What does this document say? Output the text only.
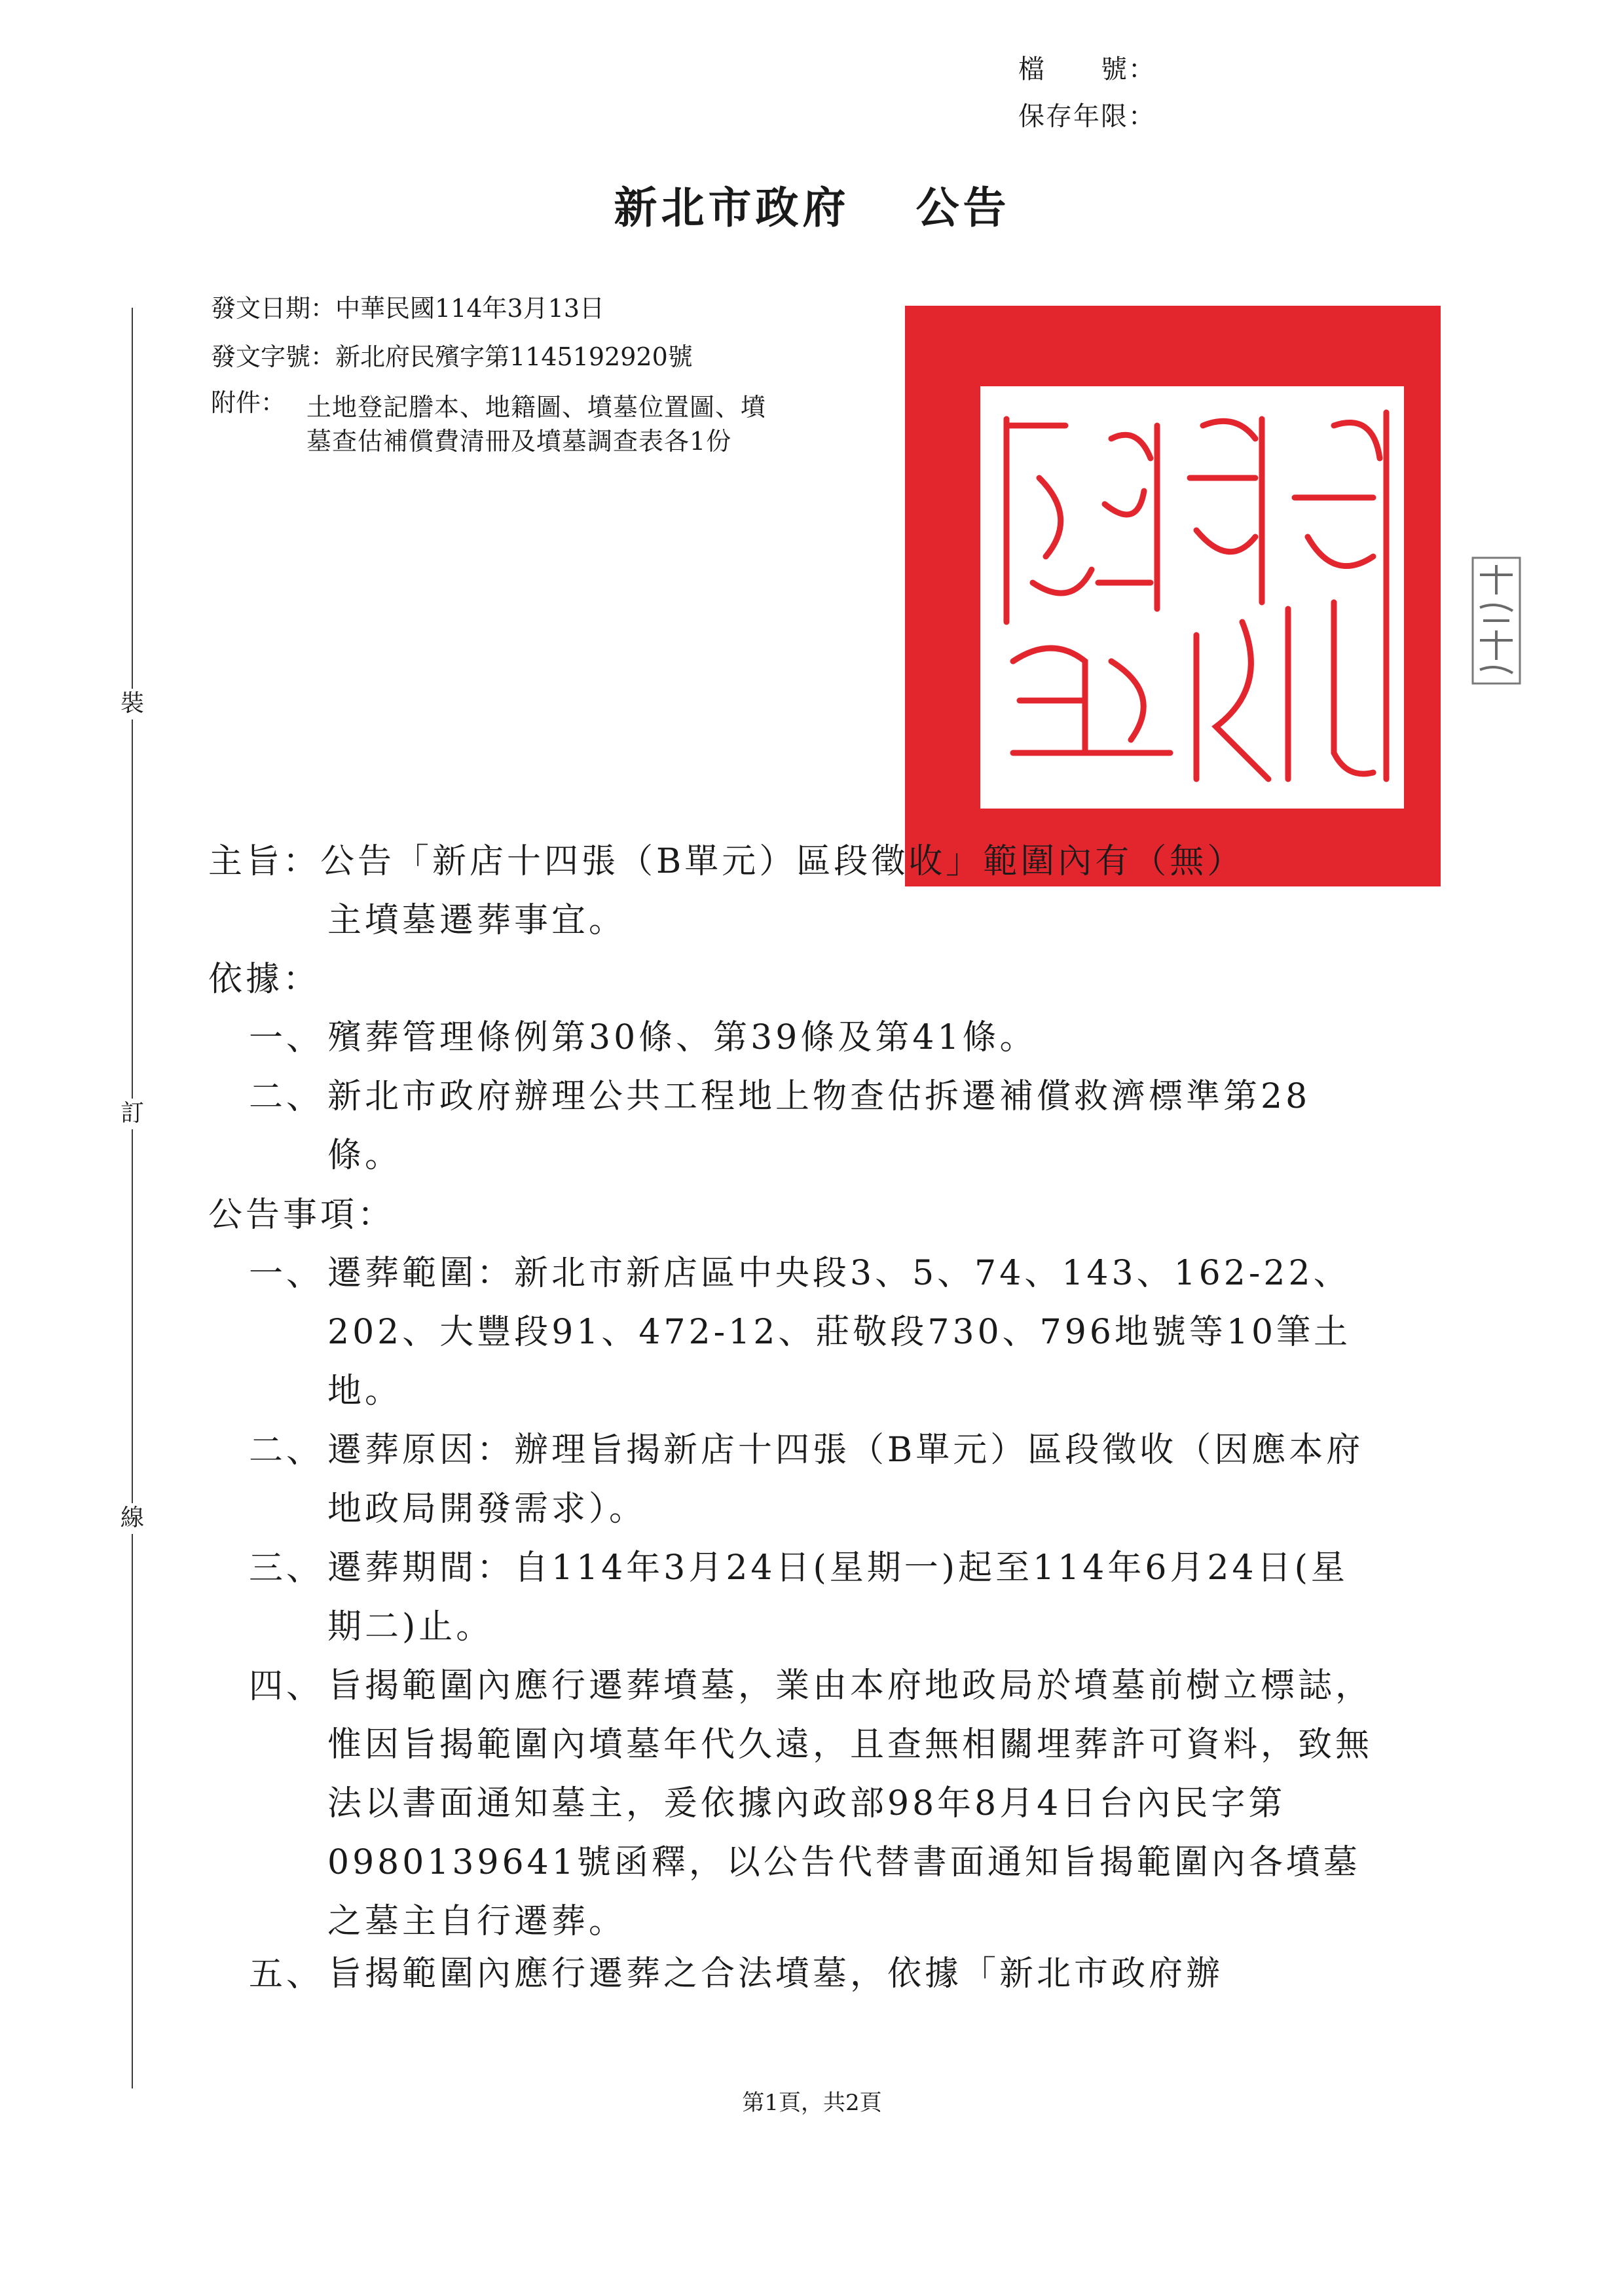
檔　　號：
保存年限：
新北市政府　 公告
發文日期：中華民國114年3月13日
發文字號：新北府民殯字第1145192920號
附件： 土地登記謄本、地籍圖、墳墓位置圖、墳墓查估補償費清冊及墳墓調查表各1份
裝
訂
線
主旨：公告「新店十四張（B單元）區段徵收」範圍內有（無）
主墳墓遷葬事宜。
依據：
一、 殯葬管理條例第30條、第39條及第41條。
二、 新北市政府辦理公共工程地上物查估拆遷補償救濟標準第28條。
公告事項：
一、 遷葬範圍：新北市新店區中央段3、5、74、143、162-22、202、大豐段91、472-12、莊敬段730、796地號等10筆土地。
二、 遷葬原因：辦理旨揭新店十四張（B單元）區段徵收（因應本府地政局開發需求）。
三、 遷葬期間：自114年3月24日(星期一)起至114年6月24日(星期二)止。
四、 旨揭範圍內應行遷葬墳墓，業由本府地政局於墳墓前樹立標誌，惟因旨揭範圍內墳墓年代久遠，且查無相關埋葬許可資料，致無法以書面通知墓主，爰依據內政部98年8月4日台內民字第0980139641號函釋，以公告代替書面通知旨揭範圍內各墳墓之墓主自行遷葬。
五、 旨揭範圍內應行遷葬之合法墳墓，依據「新北市政府辦
第1頁，共2頁
